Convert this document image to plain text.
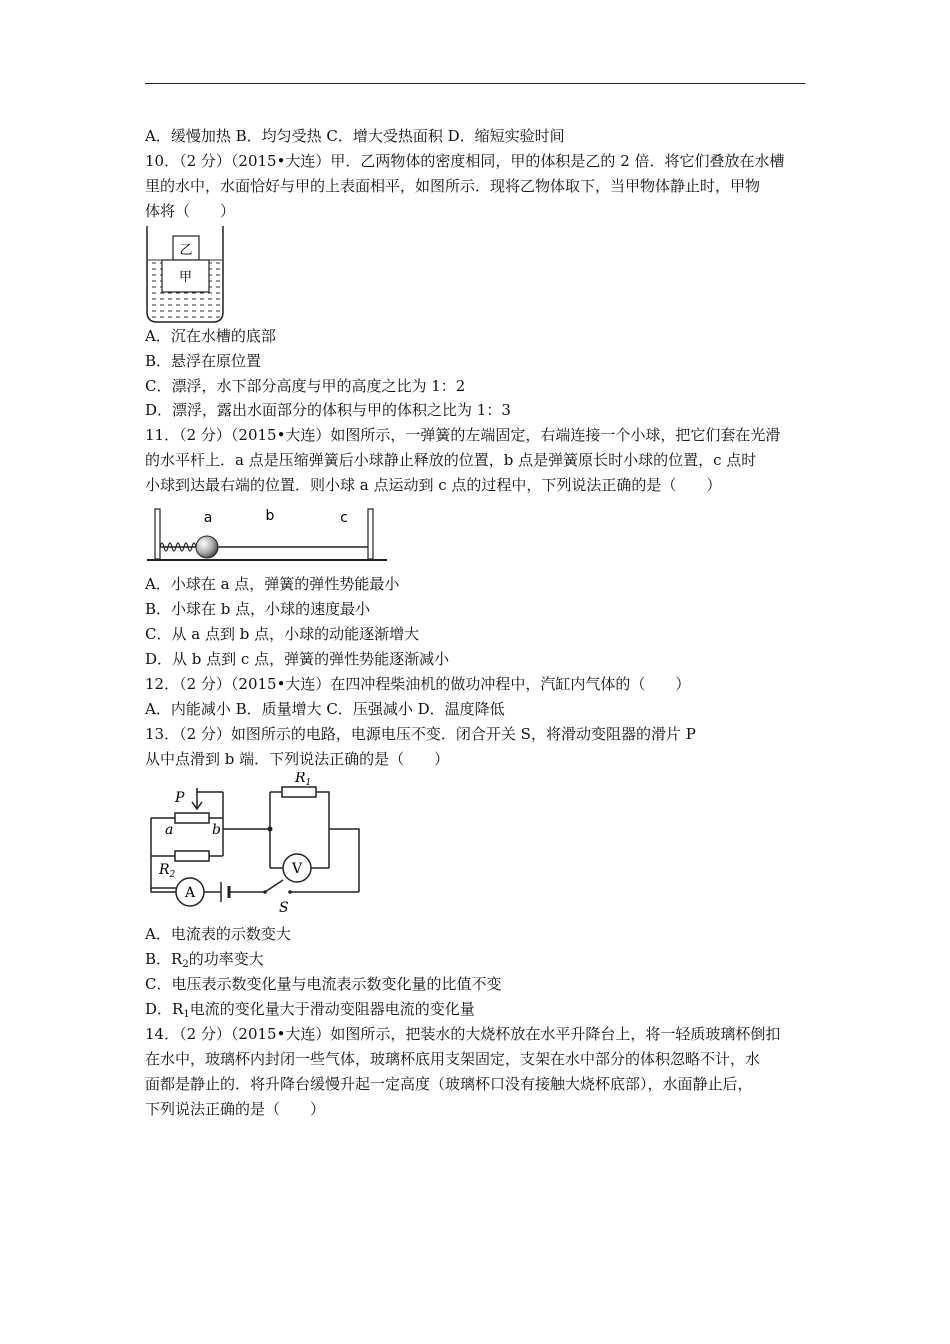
A．缓慢加热 B．均匀受热 C．增大受热面积 D．缩短实验时间
10．（2 分）（2015•大连）甲．乙两物体的密度相同，甲的体积是乙的 2 倍．将它们叠放在水槽
里的水中，水面恰好与甲的上表面相平，如图所示．现将乙物体取下，当甲物体静止时，甲物
体将（　　）
乙
甲
A．沉在水槽的底部
B．悬浮在原位置
C．漂浮，水下部分高度与甲的高度之比为 1：2
D．漂浮，露出水面部分的体积与甲的体积之比为 1：3
11．（2 分）（2015•大连）如图所示，一弹簧的左端固定，右端连接一个小球，把它们套在光滑
的水平杆上．a 点是压缩弹簧后小球静止释放的位置，b 点是弹簧原长时小球的位置，c 点时
小球到达最右端的位置．则小球 a 点运动到 c 点的过程中，下列说法正确的是（　　）
a	b	c
A．小球在 a 点，弹簧的弹性势能最小
B．小球在 b 点，小球的速度最小
C．从 a 点到 b 点，小球的动能逐渐增大
D．从 b 点到 c 点，弹簧的弹性势能逐渐减小
12．（2 分）（2015•大连）在四冲程柴油机的做功冲程中，汽缸内气体的（　　）
A．内能减小 B．质量增大 C．压强减小 D．温度降低
13．（2 分）如图所示的电路，电源电压不变．闭合开关 S，将滑动变阻器的滑片 P
从中点滑到 b 端．下列说法正确的是（　　）
V
A
P
a	b
$R_1$
$R_2$
S
A．电流表的示数变大
B．$R_2$的功率变大
C．电压表示数变化量与电流表示数变化量的比值不变
D．$R_1$电流的变化量大于滑动变阻器电流的变化量
14．（2 分）（2015•大连）如图所示，把装水的大烧杯放在水平升降台上，将一轻质玻璃杯倒扣
在水中，玻璃杯内封闭一些气体，玻璃杯底用支架固定，支架在水中部分的体积忽略不计，水
面都是静止的．将升降台缓慢升起一定高度（玻璃杯口没有接触大烧杯底部），水面静止后，
下列说法正确的是（　　）
